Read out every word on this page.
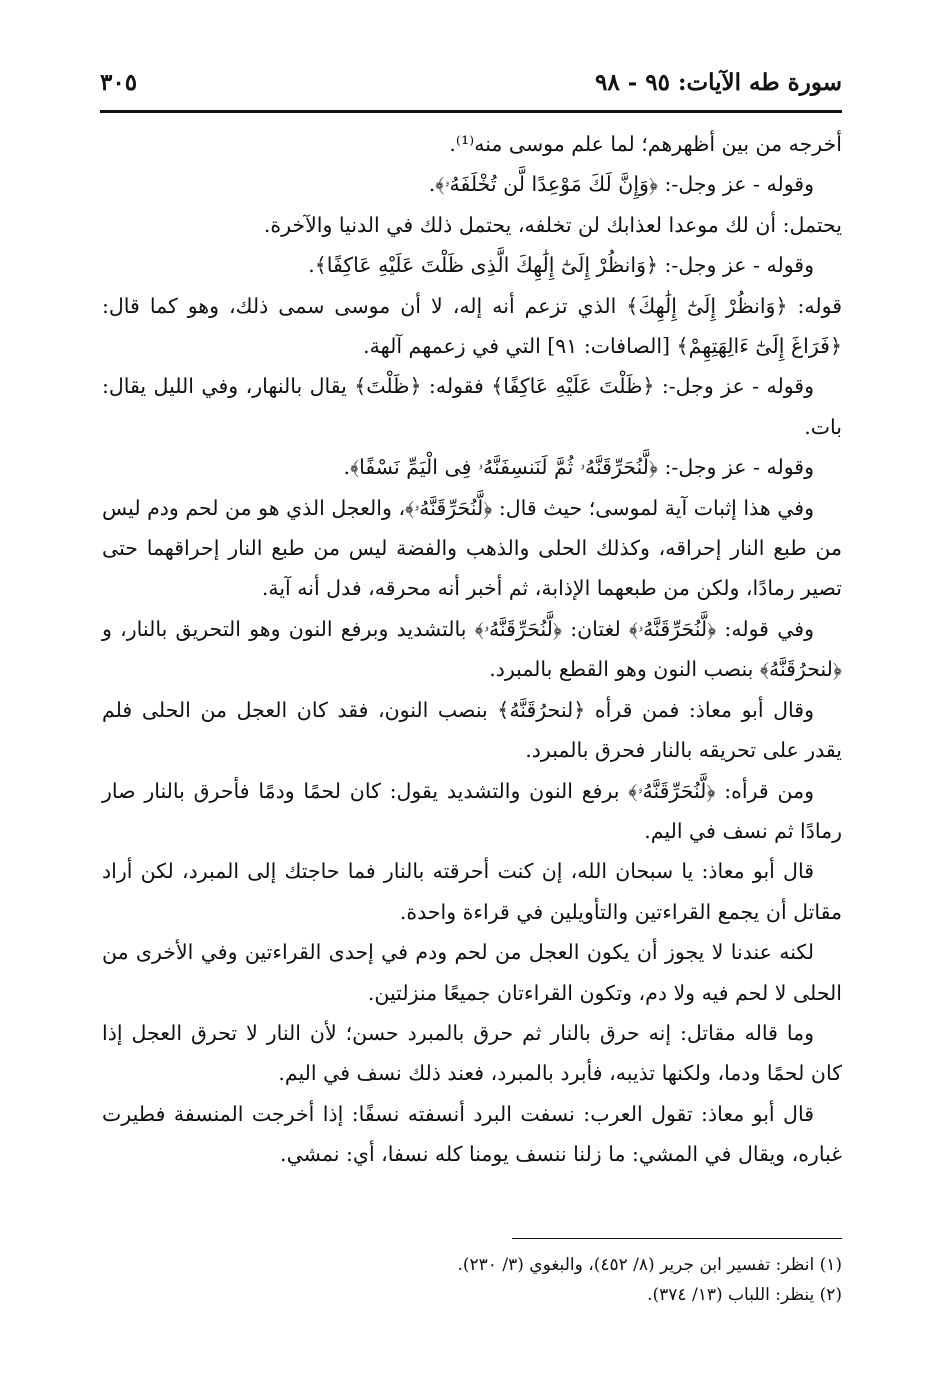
سورة طه الآيات: ٩٥ - ٩٨
٣٠٥

أخرجه من بين أظهرهم؛ لما علم موسى منه⁽¹⁾.

وقوله - عز وجل-: ﴿وَإِنَّ لَكَ مَوْعِدًا لَّن تُخْلَفَهُۥ﴾.

يحتمل: أن لك موعدا لعذابك لن تخلفه، يحتمل ذلك في الدنيا والآخرة.

وقوله - عز وجل-: ﴿وَانظُرْ إِلَىٰٓ إِلَٰهِكَ الَّذِى ظَلْتَ عَلَيْهِ عَاكِفًا﴾.

قوله: ﴿وَانظُرْ إِلَىٰٓ إِلَٰهِكَ﴾ الذي تزعم أنه إله، لا أن موسى سمى ذلك، وهو كما قال: ﴿فَرَاغَ إِلَىٰٓ ءَالِهَتِهِمْ﴾ [الصافات: ٩١] التي في زعمهم آلهة.

وقوله - عز وجل-: ﴿ظَلْتَ عَلَيْهِ عَاكِفًا﴾ فقوله: ﴿ظَلْتَ﴾ يقال بالنهار، وفي الليل يقال: بات.

وقوله - عز وجل-: ﴿لَّنُحَرِّقَنَّهُۥ ثُمَّ لَنَنسِفَنَّهُۥ فِى الْيَمِّ نَسْفًا﴾.

وفي هذا إثبات آية لموسى؛ حيث قال: ﴿لَّنُحَرِّقَنَّهُۥ﴾، والعجل الذي هو من لحم ودم ليس من طبع النار إحراقه، وكذلك الحلى والذهب والفضة ليس من طبع النار إحراقهما حتى تصير رمادًا، ولكن من طبعهما الإذابة، ثم أخبر أنه محرقه، فدل أنه آية.

وفي قوله: ﴿لَّنُحَرِّقَنَّهُۥ﴾ لغتان: ﴿لَّنُحَرِّقَنَّهُۥ﴾ بالتشديد وبرفع النون وهو التحريق بالنار، و ﴿لنحرُقَنَّهُ﴾ بنصب النون وهو القطع بالمبرد.

وقال أبو معاذ: فمن قرأه ﴿لنحرُقَنَّهُ﴾ بنصب النون، فقد كان العجل من الحلى فلم يقدر على تحريقه بالنار فحرق بالمبرد.

ومن قرأه: ﴿لَّنُحَرِّقَنَّهُۥ﴾ برفع النون والتشديد يقول: كان لحمًا ودمًا فأحرق بالنار صار رمادًا ثم نسف في اليم.

قال أبو معاذ: يا سبحان الله، إن كنت أحرقته بالنار فما حاجتك إلى المبرد، لكن أراد مقاتل أن يجمع القراءتين والتأويلين في قراءة واحدة.

لكنه عندنا لا يجوز أن يكون العجل من لحم ودم في إحدى القراءتين وفي الأخرى من الحلى لا لحم فيه ولا دم، وتكون القراءتان جميعًا منزلتين.

وما قاله مقاتل: إنه حرق بالنار ثم حرق بالمبرد حسن؛ لأن النار لا تحرق العجل إذا كان لحمًا ودما، ولكنها تذيبه، فأبرد بالمبرد، فعند ذلك نسف في اليم.

قال أبو معاذ: تقول العرب: نسفت البرد أنسفته نسفًا: إذا أخرجت المنسفة فطيرت غباره، ويقال في المشي: ما زلنا ننسف يومنا كله نسفا، أي: نمشي.

(١) انظر: تفسير ابن جرير (٨/ ٤٥٢)، والبغوي (٣/ ٢٣٠).

(٢) ينظر: اللباب (١٣/ ٣٧٤).
